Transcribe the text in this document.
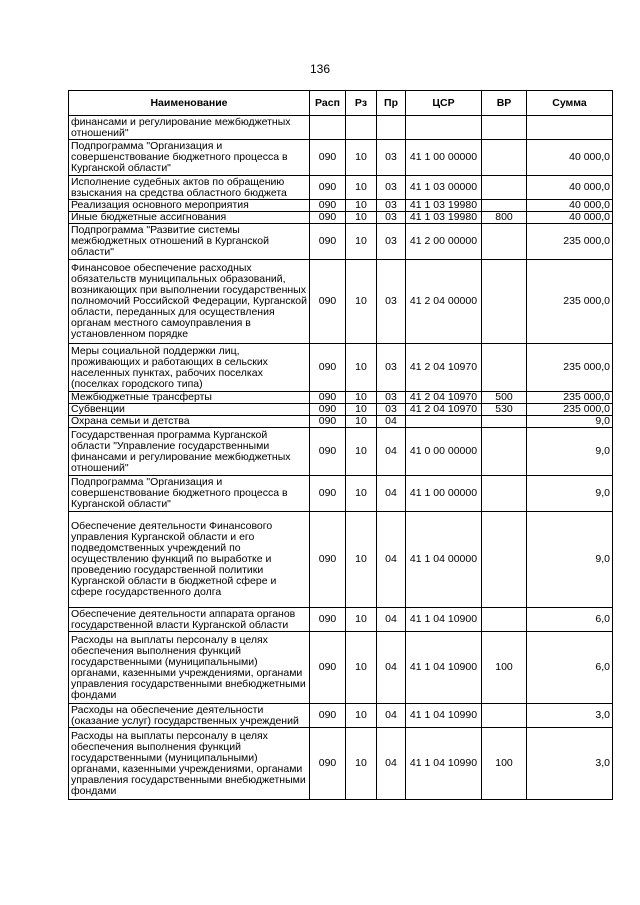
136
Наименование	Расп	Рз	Пр	ЦСР	ВР	Сумма
финансами и регулирование межбюджетных отношений"						
Подпрограмма "Организация и совершенствование бюджетного процесса в Курганской области"	090	10	03	41 1 00 00000		40 000,0
Исполнение судебных актов по обращению взыскания на средства областного бюджета	090	10	03	41 1 03 00000		40 000,0
Реализация основного мероприятия	090	10	03	41 1 03 19980		40 000,0
Иные бюджетные ассигнования	090	10	03	41 1 03 19980	800	40 000,0
Подпрограмма "Развитие системы межбюджетных отношений в Курганской области"	090	10	03	41 2 00 00000		235 000,0
Финансовое обеспечение расходных обязательств муниципальных образований, возникающих при выполнении государственных полномочий Российской Федерации, Курганской области, переданных для осуществления органам местного самоуправления в установленном порядке	090	10	03	41 2 04 00000		235 000,0
Меры социальной поддержки лиц, проживающих и работающих в сельских населенных пунктах, рабочих поселках (поселках городского типа)	090	10	03	41 2 04 10970		235 000,0
Межбюджетные трансферты	090	10	03	41 2 04 10970	500	235 000,0
Субвенции	090	10	03	41 2 04 10970	530	235 000,0
Охрана семьи и детства	090	10	04			9,0
Государственная программа Курганской области "Управление государственными финансами и регулирование межбюджетных отношений"	090	10	04	41 0 00 00000		9,0
Подпрограмма "Организация и совершенствование бюджетного процесса в Курганской области"	090	10	04	41 1 00 00000		9,0
Обеспечение деятельности Финансового управления Курганской области и его подведомственных учреждений по осуществлению функций по выработке и проведению государственной политики Курганской области в бюджетной сфере и сфере государственного долга	090	10	04	41 1 04 00000		9,0
Обеспечение деятельности аппарата органов государственной власти Курганской области	090	10	04	41 1 04 10900		6,0
Расходы на выплаты персоналу в целях обеспечения выполнения функций государственными (муниципальными) органами, казенными учреждениями, органами управления государственными внебюджетными фондами	090	10	04	41 1 04 10900	100	6,0
Расходы на обеспечение деятельности (оказание услуг) государственных учреждений	090	10	04	41 1 04 10990		3,0
Расходы на выплаты персоналу в целях обеспечения выполнения функций государственными (муниципальными) органами, казенными учреждениями, органами управления государственными внебюджетными фондами	090	10	04	41 1 04 10990	100	3,0
